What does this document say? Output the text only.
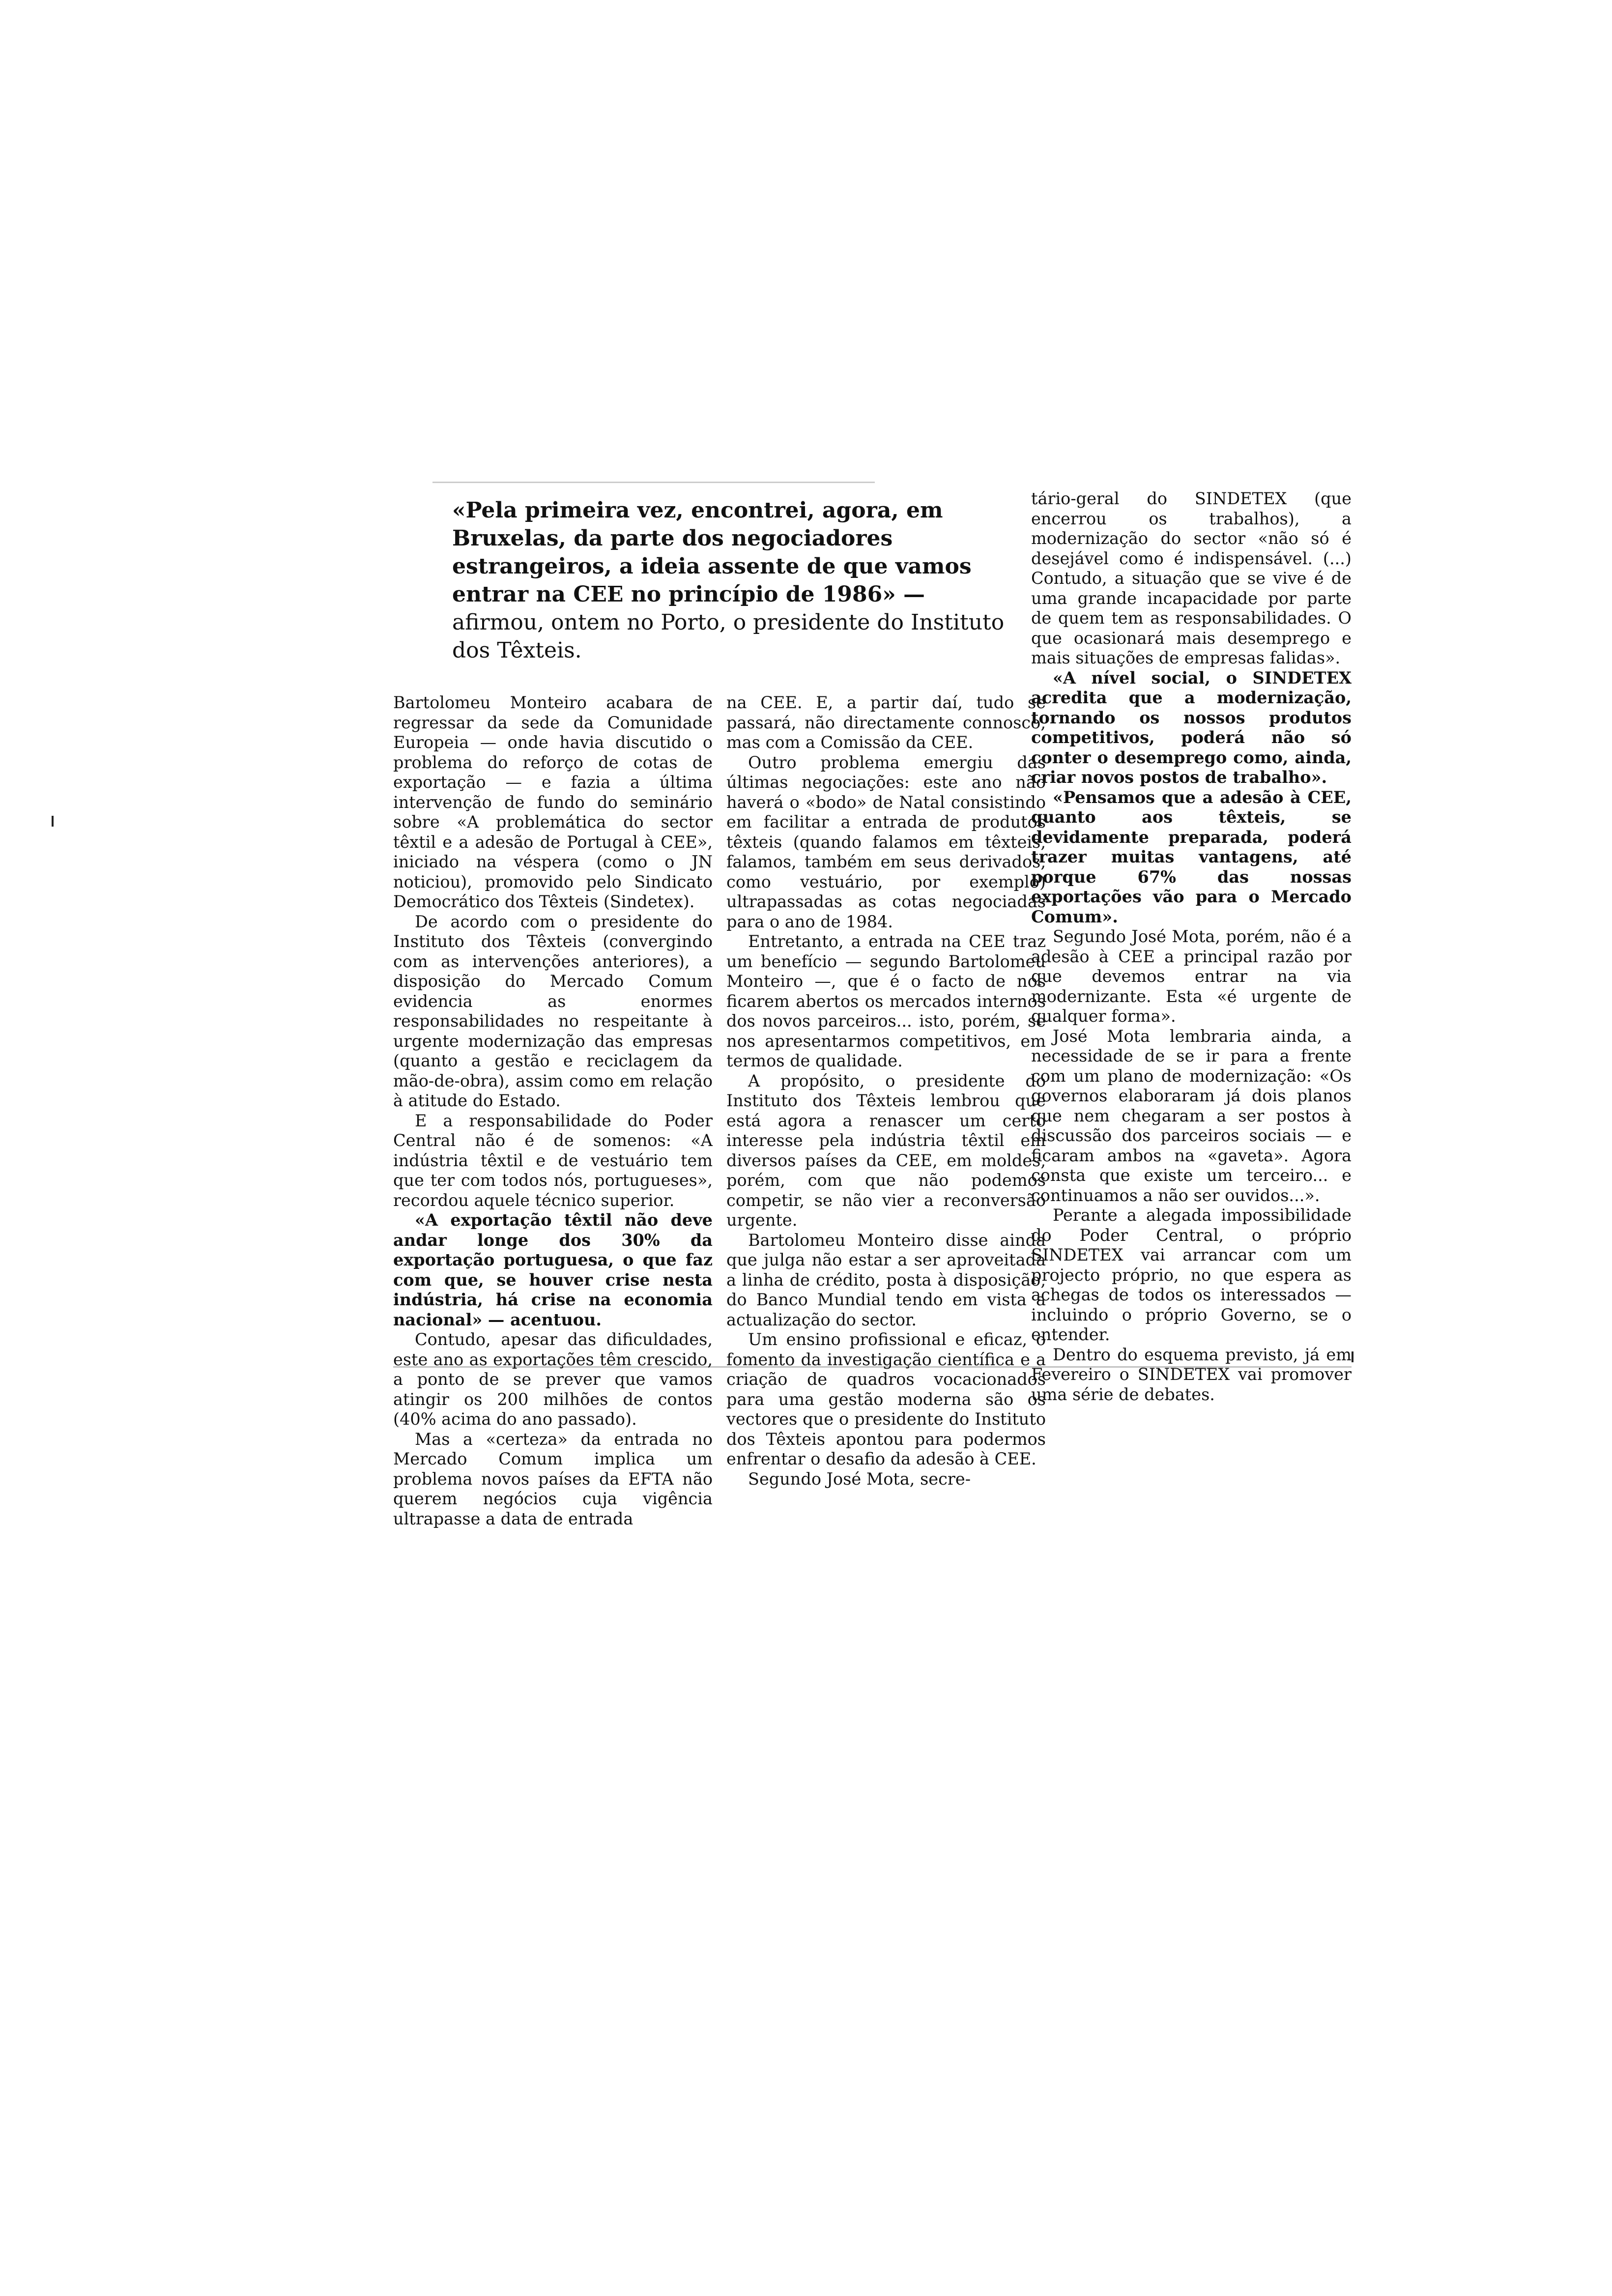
«Pela primeira vez, encontrei, agora, em Bruxelas, da parte dos negociadores estrangeiros, a ideia assente de que vamos entrar na CEE no princípio de 1986» — afirmou, ontem no Porto, o presidente do Instituto dos Têxteis.

Bartolomeu Monteiro acabara de regressar da sede da Comunidade Europeia — onde havia discutido o problema do reforço de cotas de exportação — e fazia a última intervenção de fundo do seminário sobre «A problemática do sector têxtil e a adesão de Portugal à CEE», iniciado na véspera (como o JN noticiou), promovido pelo Sindicato Democrático dos Têxteis (Sindetex).

De acordo com o presidente do Instituto dos Têxteis (convergindo com as intervenções anteriores), a disposição do Mercado Comum evidencia as enormes responsabilidades no respeitante à urgente modernização das empresas (quanto a gestão e reciclagem da mão-de-obra), assim como em relação à atitude do Estado.

E a responsabilidade do Poder Central não é de somenos: «A indústria têxtil e de vestuário tem que ter com todos nós, portugueses», recordou aquele técnico superior.

«A exportação têxtil não deve andar longe dos 30% da exportação portuguesa, o que faz com que, se houver crise nesta indústria, há crise na economia nacional» — acentuou.

Contudo, apesar das dificuldades, este ano as exportações têm crescido, a ponto de se prever que vamos atingir os 200 milhões de contos (40% acima do ano passado).

Mas a «certeza» da entrada no Mercado Comum implica um problema novos países da EFTA não querem negócios cuja vigência ultrapasse a data de entrada

na CEE. E, a partir daí, tudo se passará, não directamente connosco, mas com a Comissão da CEE.

Outro problema emergiu das últimas negociações: este ano não haverá o «bodo» de Natal consistindo em facilitar a entrada de produtos têxteis (quando falamos em têxteis, falamos, também em seus derivados, como vestuário, por exemplo) ultrapassadas as cotas negociadas para o ano de 1984.

Entretanto, a entrada na CEE traz um benefício — segundo Bartolomeu Monteiro —, que é o facto de nos ficarem abertos os mercados internos dos novos parceiros... isto, porém, se nos apresentarmos competitivos, em termos de qualidade.

A propósito, o presidente do Instituto dos Têxteis lembrou que está agora a renascer um certo interesse pela indústria têxtil em diversos países da CEE, em moldes, porém, com que não podemos competir, se não vier a reconversão urgente.

Bartolomeu Monteiro disse ainda que julga não estar a ser aproveitada a linha de crédito, posta à disposição, do Banco Mundial tendo em vista a actualização do sector.

Um ensino profissional e eficaz, o fomento da investigação científica e a criação de quadros vocacionados para uma gestão moderna são os vectores que o presidente do Instituto dos Têxteis apontou para podermos enfrentar o desafio da adesão à CEE.

Segundo José Mota, secre-

tário-geral do SINDETEX (que encerrou os trabalhos), a modernização do sector «não só é desejável como é indispensável. (...) Contudo, a situação que se vive é de uma grande incapacidade por parte de quem tem as responsabilidades. O que ocasionará mais desemprego e mais situações de empresas falidas».

«A nível social, o SINDETEX acredita que a modernização, tornando os nossos produtos competitivos, poderá não só conter o desemprego como, ainda, criar novos postos de trabalho».

«Pensamos que a adesão à CEE, quanto aos têxteis, se devidamente preparada, poderá trazer muitas vantagens, até porque 67% das nossas exportações vão para o Mercado Comum».

Segundo José Mota, porém, não é a adesão à CEE a principal razão por que devemos entrar na via modernizante. Esta «é urgente de qualquer forma».

José Mota lembraria ainda, a necessidade de se ir para a frente com um plano de modernização: «Os governos elaboraram já dois planos que nem chegaram a ser postos à discussão dos parceiros sociais — e ficaram ambos na «gaveta». Agora consta que existe um terceiro... e continuamos a não ser ouvidos...».

Perante a alegada impossibilidade do Poder Central, o próprio SINDETEX vai arrancar com um projecto próprio, no que espera as achegas de todos os interessados — incluindo o próprio Governo, se o entender.

Dentro do esquema previsto, já em Fevereiro o SINDETEX vai promover uma série de debates.
